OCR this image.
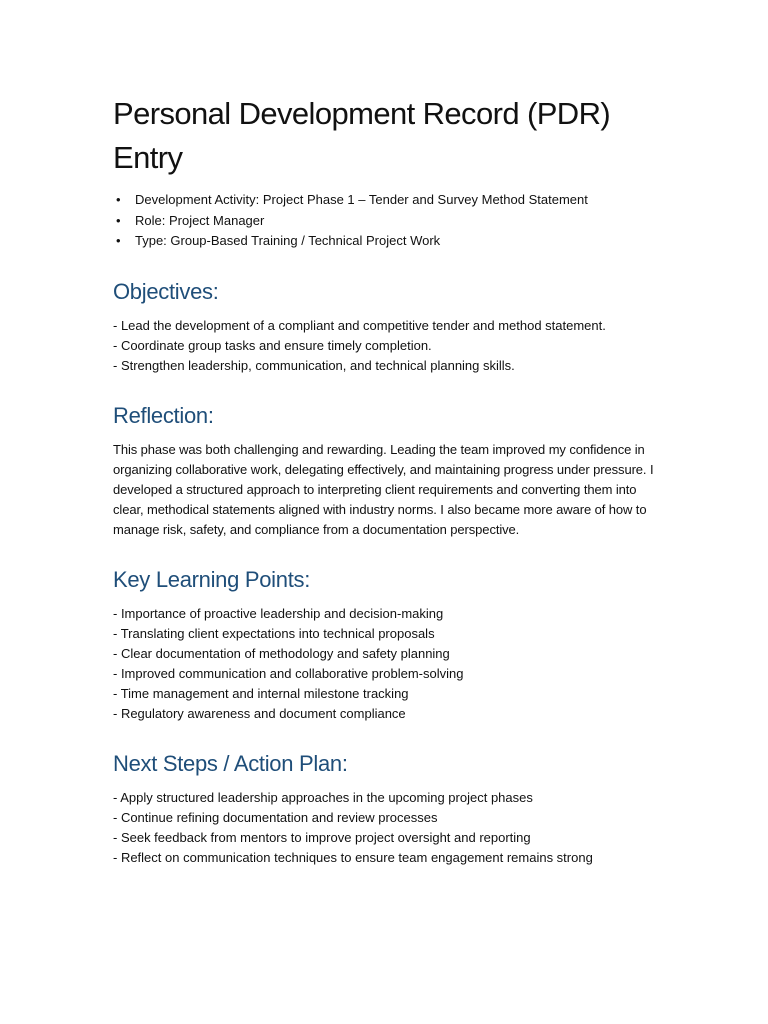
Personal Development Record (PDR) Entry
• Development Activity: Project Phase 1 – Tender and Survey Method Statement
• Role: Project Manager
• Type: Group-Based Training / Technical Project Work
Objectives:
- Lead the development of a compliant and competitive tender and method statement.
- Coordinate group tasks and ensure timely completion.
- Strengthen leadership, communication, and technical planning skills.
Reflection:

This phase was both challenging and rewarding. Leading the team improved my confidence in organizing collaborative work, delegating effectively, and maintaining progress under pressure. I developed a structured approach to interpreting client requirements and converting them into clear, methodical statements aligned with industry norms. I also became more aware of how to manage risk, safety, and compliance from a documentation perspective.

Key Learning Points:
- Importance of proactive leadership and decision-making
- Translating client expectations into technical proposals
- Clear documentation of methodology and safety planning
- Improved communication and collaborative problem-solving
- Time management and internal milestone tracking
- Regulatory awareness and document compliance
Next Steps / Action Plan:
- Apply structured leadership approaches in the upcoming project phases
- Continue refining documentation and review processes
- Seek feedback from mentors to improve project oversight and reporting
- Reflect on communication techniques to ensure team engagement remains strong
